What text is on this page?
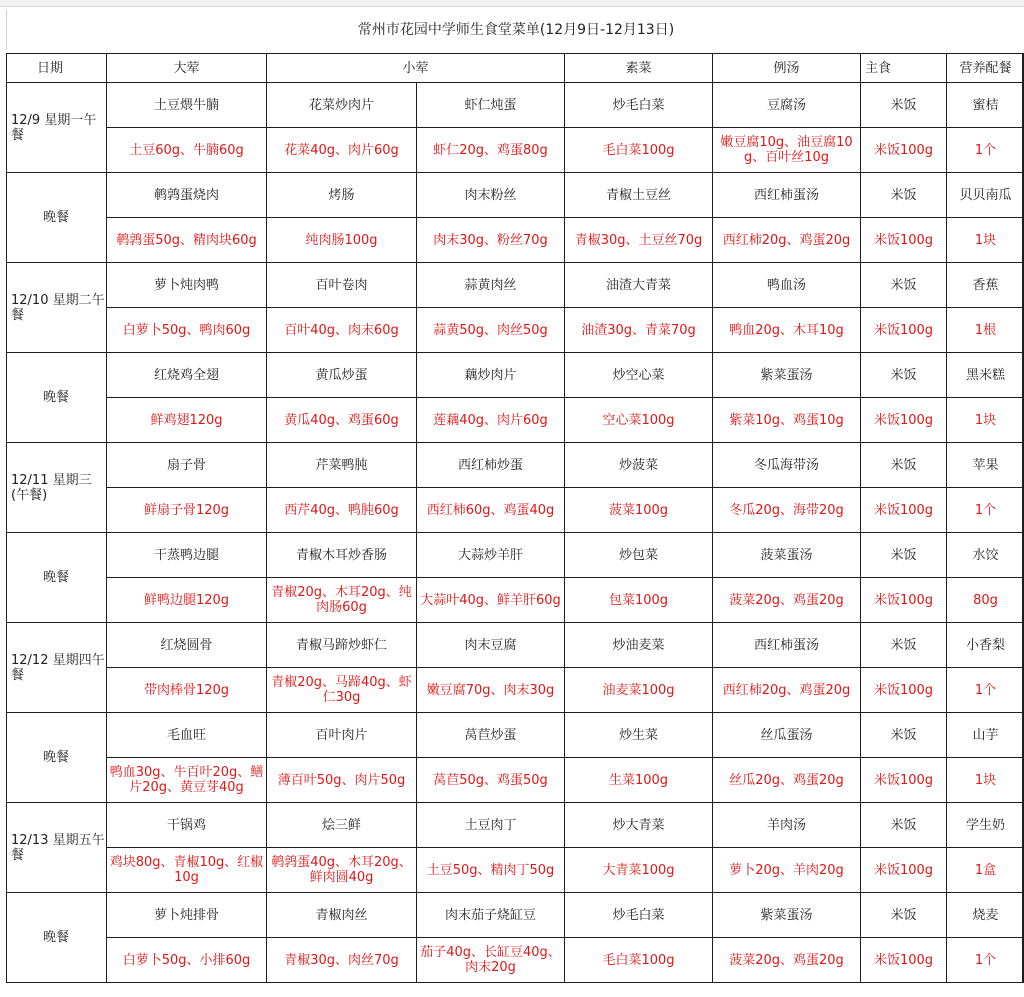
常州市花园中学师生食堂菜单(12月9日-12月13日)
日期	大荤	小荤		素菜	例汤	主食	营养配餐
12/9 星期一午餐	土豆煨牛腩	花菜炒肉片	虾仁炖蛋	炒毛白菜	豆腐汤	米饭	蜜桔
	土豆60g、牛腩60g	花菜40g、肉片60g	虾仁20g、鸡蛋80g	毛白菜100g	嫩豆腐10g、油豆腐10g、百叶丝10g	米饭100g	1个
晚餐	鹌鹑蛋烧肉	烤肠	肉末粉丝	青椒土豆丝	西红柿蛋汤	米饭	贝贝南瓜
	鹌鹑蛋50g、精肉块60g	纯肉肠100g	肉末30g、粉丝70g	青椒30g、土豆丝70g	西红柿20g、鸡蛋20g	米饭100g	1块
12/10 星期二午餐	萝卜炖肉鸭	百叶卷肉	蒜黄肉丝	油渣大青菜	鸭血汤	米饭	香蕉
	白萝卜50g、鸭肉60g	百叶40g、肉末60g	蒜黄50g、肉丝50g	油渣30g、青菜70g	鸭血20g、木耳10g	米饭100g	1根
晚餐	红烧鸡全翅	黄瓜炒蛋	藕炒肉片	炒空心菜	紫菜蛋汤	米饭	黑米糕
	鲜鸡翅120g	黄瓜40g、鸡蛋60g	莲藕40g、肉片60g	空心菜100g	紫菜10g、鸡蛋10g	米饭100g	1块
12/11 星期三(午餐)	扇子骨	芹菜鸭肫	西红柿炒蛋	炒菠菜	冬瓜海带汤	米饭	苹果
	鲜扇子骨120g	西芹40g、鸭肫60g	西红柿60g、鸡蛋40g	菠菜100g	冬瓜20g、海带20g	米饭100g	1个
晚餐	干蒸鸭边腿	青椒木耳炒香肠	大蒜炒羊肝	炒包菜	菠菜蛋汤	米饭	水饺
	鲜鸭边腿120g	青椒20g、木耳20g、纯肉肠60g	大蒜叶40g、鲜羊肝60g	包菜100g	菠菜20g、鸡蛋20g	米饭100g	80g
12/12 星期四午餐	红烧圆骨	青椒马蹄炒虾仁	肉末豆腐	炒油麦菜	西红柿蛋汤	米饭	小香梨
	带肉棒骨120g	青椒20g、马蹄40g、虾仁30g	嫩豆腐70g、肉末30g	油麦菜100g	西红柿20g、鸡蛋20g	米饭100g	1个
晚餐	毛血旺	百叶肉片	莴苣炒蛋	炒生菜	丝瓜蛋汤	米饭	山芋
	鸭血30g、牛百叶20g、鳝片20g、黄豆芽40g	薄百叶50g、肉片50g	莴苣50g、鸡蛋50g	生菜100g	丝瓜20g、鸡蛋20g	米饭100g	1块
12/13 星期五午餐	干锅鸡	烩三鲜	土豆肉丁	炒大青菜	羊肉汤	米饭	学生奶
	鸡块80g、青椒10g、红椒10g	鹌鹑蛋40g、木耳20g、鲜肉圆40g	土豆50g、精肉丁50g	大青菜100g	萝卜20g、羊肉20g	米饭100g	1盒
晚餐	萝卜炖排骨	青椒肉丝	肉末茄子烧缸豆	炒毛白菜	紫菜蛋汤	米饭	烧麦
	白萝卜50g、小排60g	青椒30g、肉丝70g	茄子40g、长缸豆40g、肉末20g	毛白菜100g	菠菜20g、鸡蛋20g	米饭100g	1个
